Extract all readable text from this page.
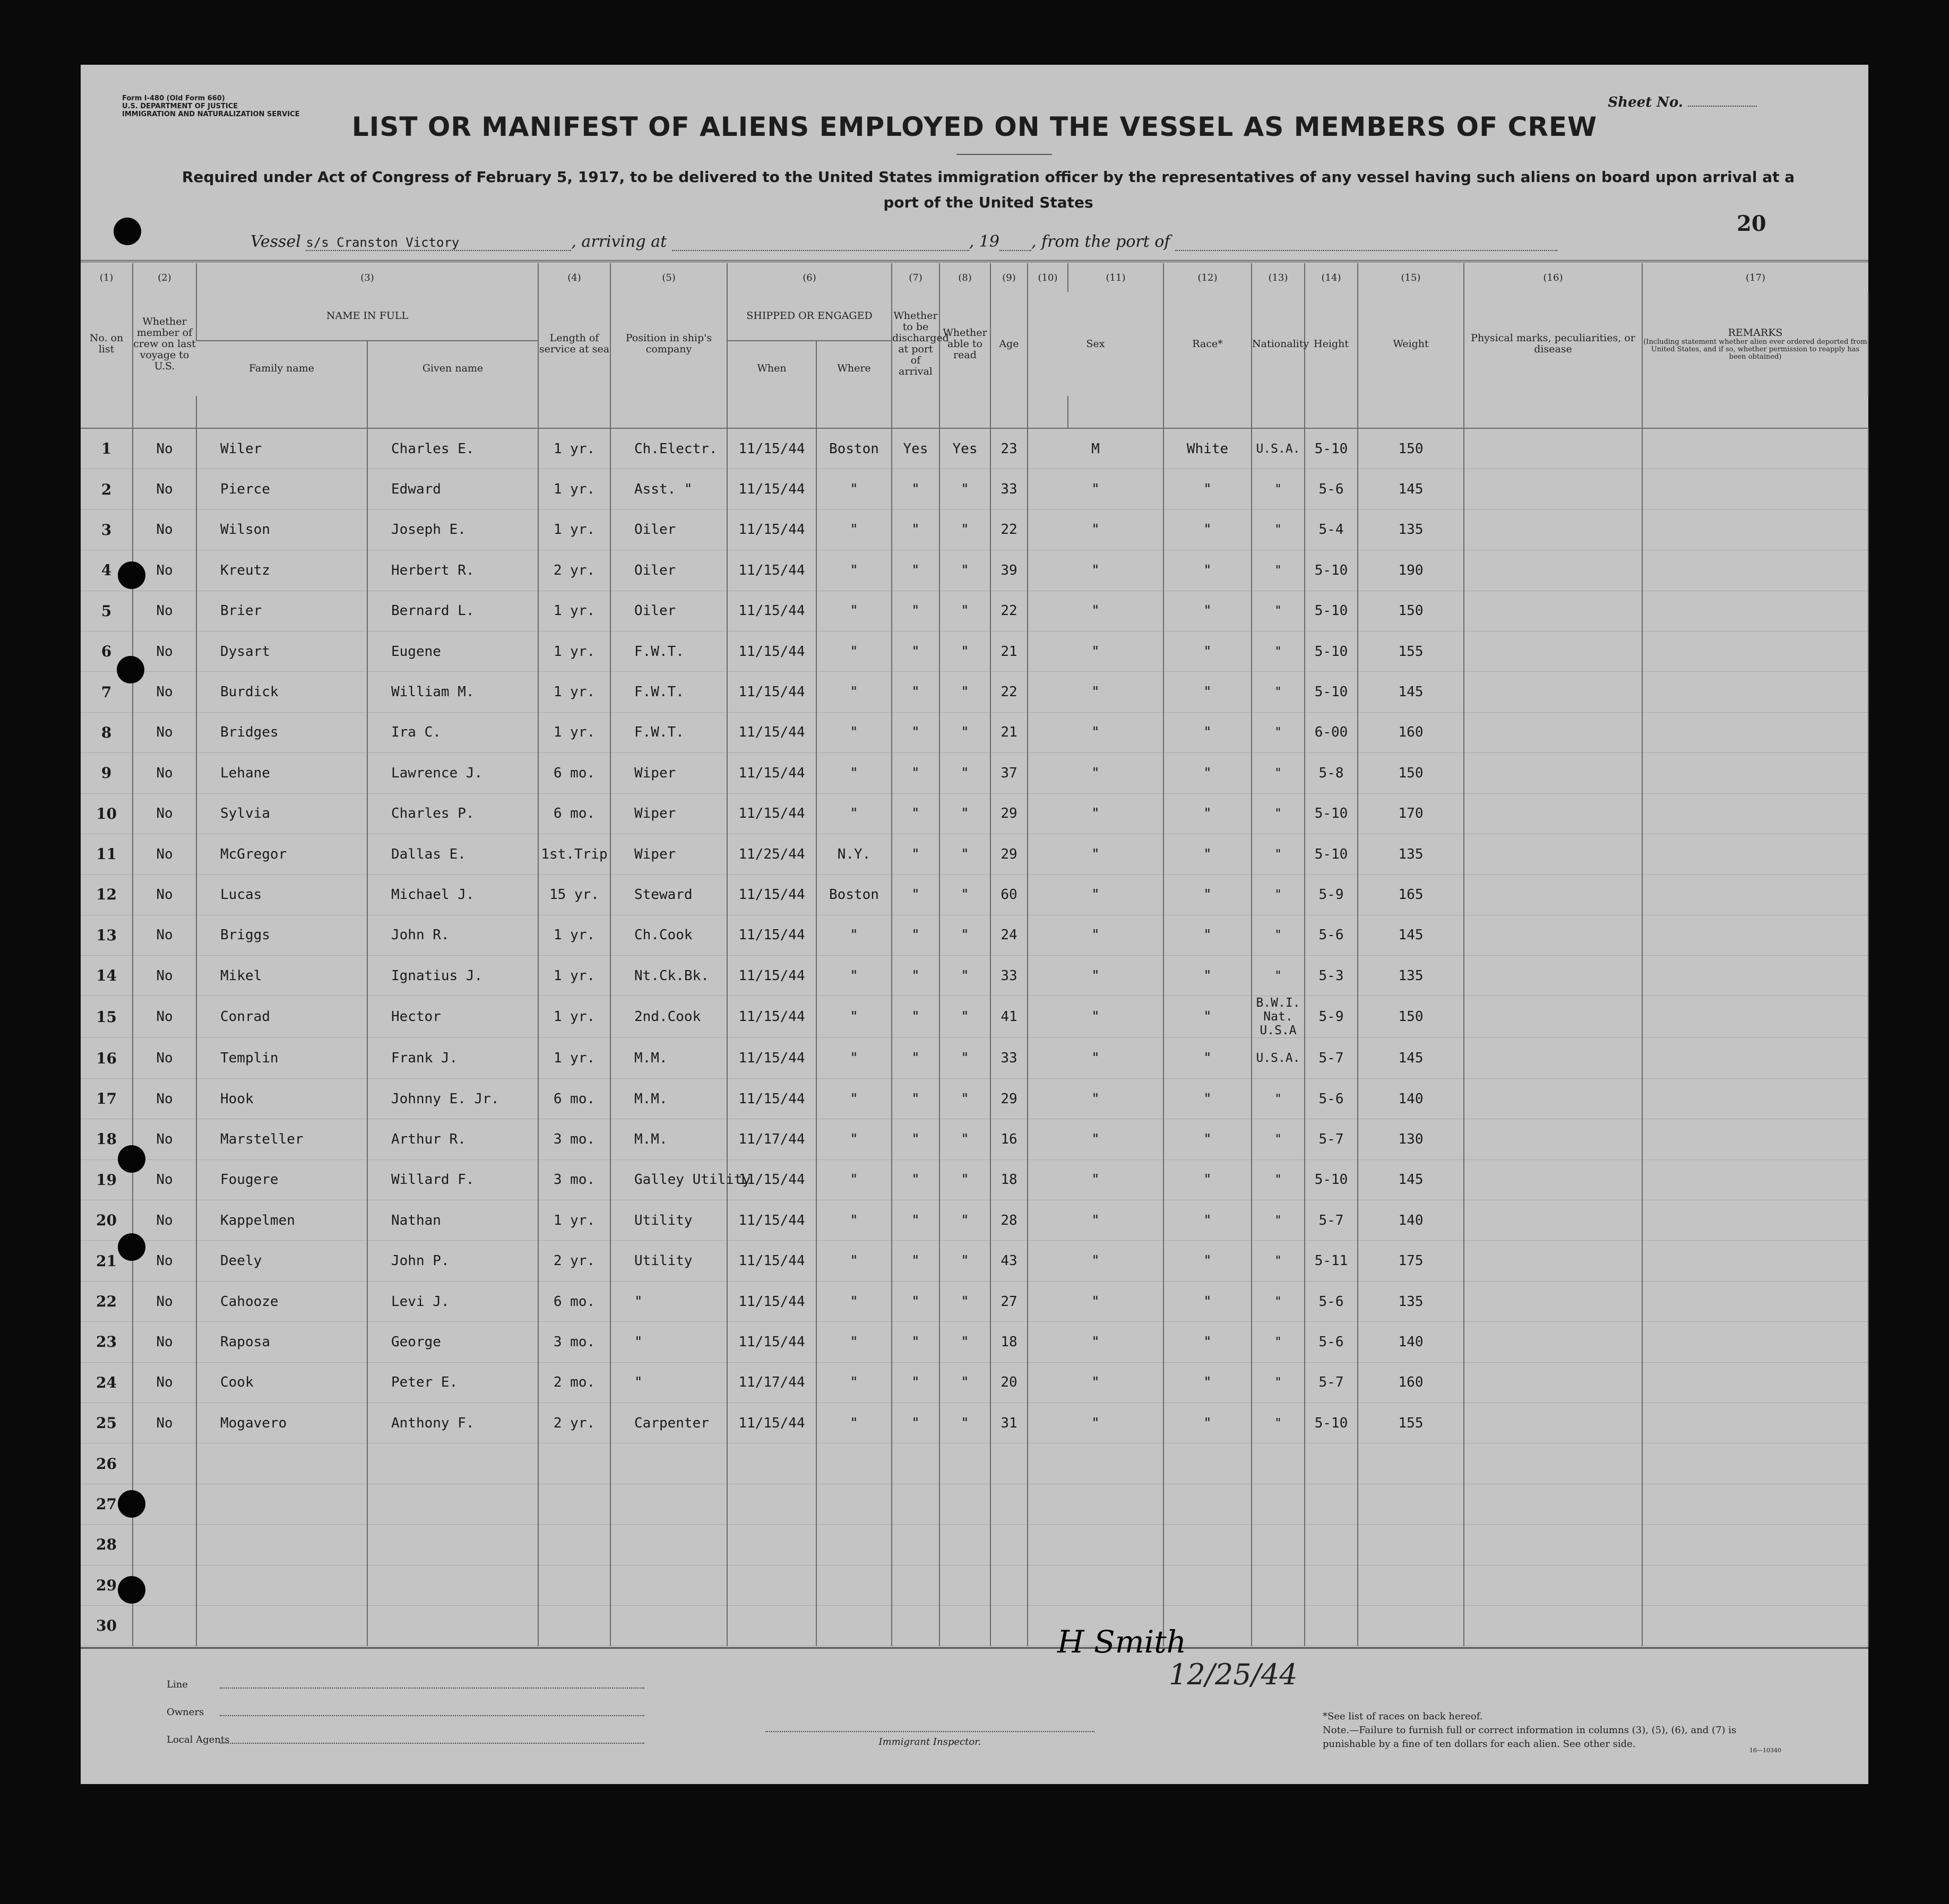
Form I-480 (Old Form 660)
U.S. DEPARTMENT OF JUSTICE
IMMIGRATION AND NATURALIZATION SERVICE
Sheet No.
LIST OR MANIFEST OF ALIENS EMPLOYED ON THE VESSEL AS MEMBERS OF CREW
Required under Act of Congress of February 5, 1917, to be delivered to the United States immigration officer by the representatives of any vessel having such aliens on board upon arrival at a port of the United States
20
Vessel s/s Cranston Victory	, arriving at	, 19 , from the port of
(1)	(2)	(3)		(4)	(5)	(6)		(7)	(8)	(9)	(10)	(11)	(12)	(13)	(14)	(15)	(16)	(17)	
No. on list	Whether member of crew on last voyage to U.S.	NAME IN FULL		Length of service at sea	Position in ship's company	SHIPPED OR ENGAGED		Whether to be discharged at port of arrival	Whether able to read	Age	Sex		Race*	Nationality	Height	Weight	Physical marks, peculiarities, or disease	REMARKS
(Including statement whether alien ever ordered deported from United States, and if so, whether permission to reapply has been obtained)

		Family name	Given name			When	Where												

1	No	Wiler	Charles E.	1 yr.	Ch.Electr.	11/15/44	Boston	Yes	Yes	23	M		White	U.S.A.	5-10	150			
2	No	Pierce	Edward	1 yr.	Asst. "	11/15/44	"	"	"	33	"		"	"	5-6	145			
3	No	Wilson	Joseph E.	1 yr.	Oiler	11/15/44	"	"	"	22	"		"	"	5-4	135			
4	No	Kreutz	Herbert R.	2 yr.	Oiler	11/15/44	"	"	"	39	"		"	"	5-10	190			
5	No	Brier	Bernard L.	1 yr.	Oiler	11/15/44	"	"	"	22	"		"	"	5-10	150			
6	No	Dysart	Eugene	1 yr.	F.W.T.	11/15/44	"	"	"	21	"		"	"	5-10	155			
7	No	Burdick	William M.	1 yr.	F.W.T.	11/15/44	"	"	"	22	"		"	"	5-10	145			
8	No	Bridges	Ira C.	1 yr.	F.W.T.	11/15/44	"	"	"	21	"		"	"	6-00	160			
9	No	Lehane	Lawrence J.	6 mo.	Wiper	11/15/44	"	"	"	37	"		"	"	5-8	150			
10	No	Sylvia	Charles P.	6 mo.	Wiper	11/15/44	"	"	"	29	"		"	"	5-10	170			
11	No	McGregor	Dallas E.	1st.Trip	Wiper	11/25/44	N.Y.	"	"	29	"		"	"	5-10	135			
12	No	Lucas	Michael J.	15 yr.	Steward	11/15/44	Boston	"	"	60	"		"	"	5-9	165			
13	No	Briggs	John R.	1 yr.	Ch.Cook	11/15/44	"	"	"	24	"		"	"	5-6	145			
14	No	Mikel	Ignatius J.	1 yr.	Nt.Ck.Bk.	11/15/44	"	"	"	33	"		"	"	5-3	135			
15	No	Conrad	Hector	1 yr.	2nd.Cook	11/15/44	"	"	"	41	"		"	B.W.I. Nat. U.S.A	5-9	150			
16	No	Templin	Frank J.	1 yr.	M.M.	11/15/44	"	"	"	33	"		"	U.S.A.	5-7	145			
17	No	Hook	Johnny E. Jr.	6 mo.	M.M.	11/15/44	"	"	"	29	"		"	"	5-6	140			
18	No	Marsteller	Arthur R.	3 mo.	M.M.	11/17/44	"	"	"	16	"		"	"	5-7	130			
19	No	Fougere	Willard F.	3 mo.	Galley Utility	11/15/44	"	"	"	18	"		"	"	5-10	145			
20	No	Kappelmen	Nathan	1 yr.	Utility	11/15/44	"	"	"	28	"		"	"	5-7	140			
21	No	Deely	John P.	2 yr.	Utility	11/15/44	"	"	"	43	"		"	"	5-11	175			
22	No	Cahooze	Levi J.	6 mo.	"	11/15/44	"	"	"	27	"		"	"	5-6	135			
23	No	Raposa	George	3 mo.	"	11/15/44	"	"	"	18	"		"	"	5-6	140			
24	No	Cook	Peter E.	2 mo.	"	11/17/44	"	"	"	20	"		"	"	5-7	160			
25	No	Mogavero	Anthony F.	2 yr.	Carpenter	11/15/44	"	"	"	31	"		"	"	5-10	155			
26																			
27																			
28																			
29																			
30																				H Smith
12/25/44
Line
Owners
Local Agents	Immigrant Inspector.
*See list of races on back hereof.
Note.—Failure to furnish full or correct information in columns (3), (5), (6), and (7) is punishable by a fine of ten dollars for each alien. See other side.
16—10340
